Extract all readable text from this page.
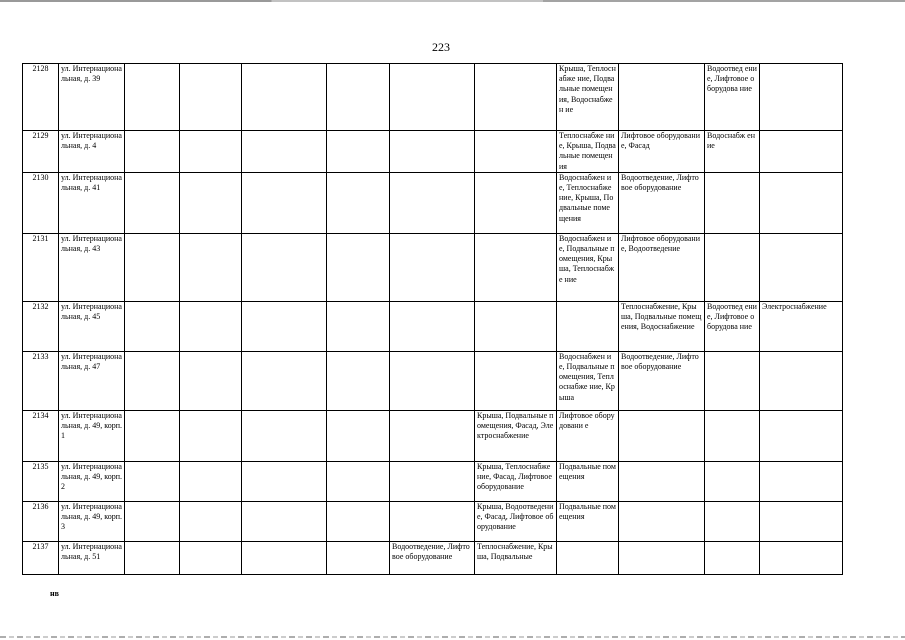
223
2128	ул. Интернациона льная, д. 39							Крыша, Теплоснабже ние, Подвальные помещения, Водоснабжен ие		Водоотвед ение, Лифтовое оборудова ние	
2129	ул. Интернациона льная, д. 4							Теплоснабже ние, Крыша, Подвальные помещения	Лифтовое оборудование, Фасад	Водоснабж ение	
2130	ул. Интернациона льная, д. 41							Водоснабжен ие, Теплоснабже ние, Крыша, Подвальные помещения	Водоотведение, Лифтовое оборудование		
2131	ул. Интернациона льная, д. 43							Водоснабжен ие, Подвальные помещения, Крыша, Теплоснабже ние	Лифтовое оборудование, Водоотведение		
2132	ул. Интернациона льная, д. 45								Теплоснабжение, Крыша, Подвальные помещения, Водоснабжение	Водоотвед ение, Лифтовое оборудова ние	Электроснабжение
2133	ул. Интернациона льная, д. 47							Водоснабжен ие, Подвальные помещения, Теплоснабже ние, Крыша	Водоотведение, Лифтовое оборудование		
2134	ул. Интернациона льная, д. 49, корп. 1						Крыша, Подвальные помещения, Фасад, Электроснабжение	Лифтовое оборудовани е			
2135	ул. Интернациона льная, д. 49, корп. 2						Крыша, Теплоснабжение, Фасад, Лифтовое оборудование	Подвальные помещения			
2136	ул. Интернациона льная, д. 49, корп. 3						Крыша, Водоотведение, Фасад, Лифтовое оборудование	Подвальные помещения			
2137	ул. Интернациона льная, д. 51					Водоотведение, Лифтовое оборудование	Теплоснабжение, Крыша, Подвальные				
нв
